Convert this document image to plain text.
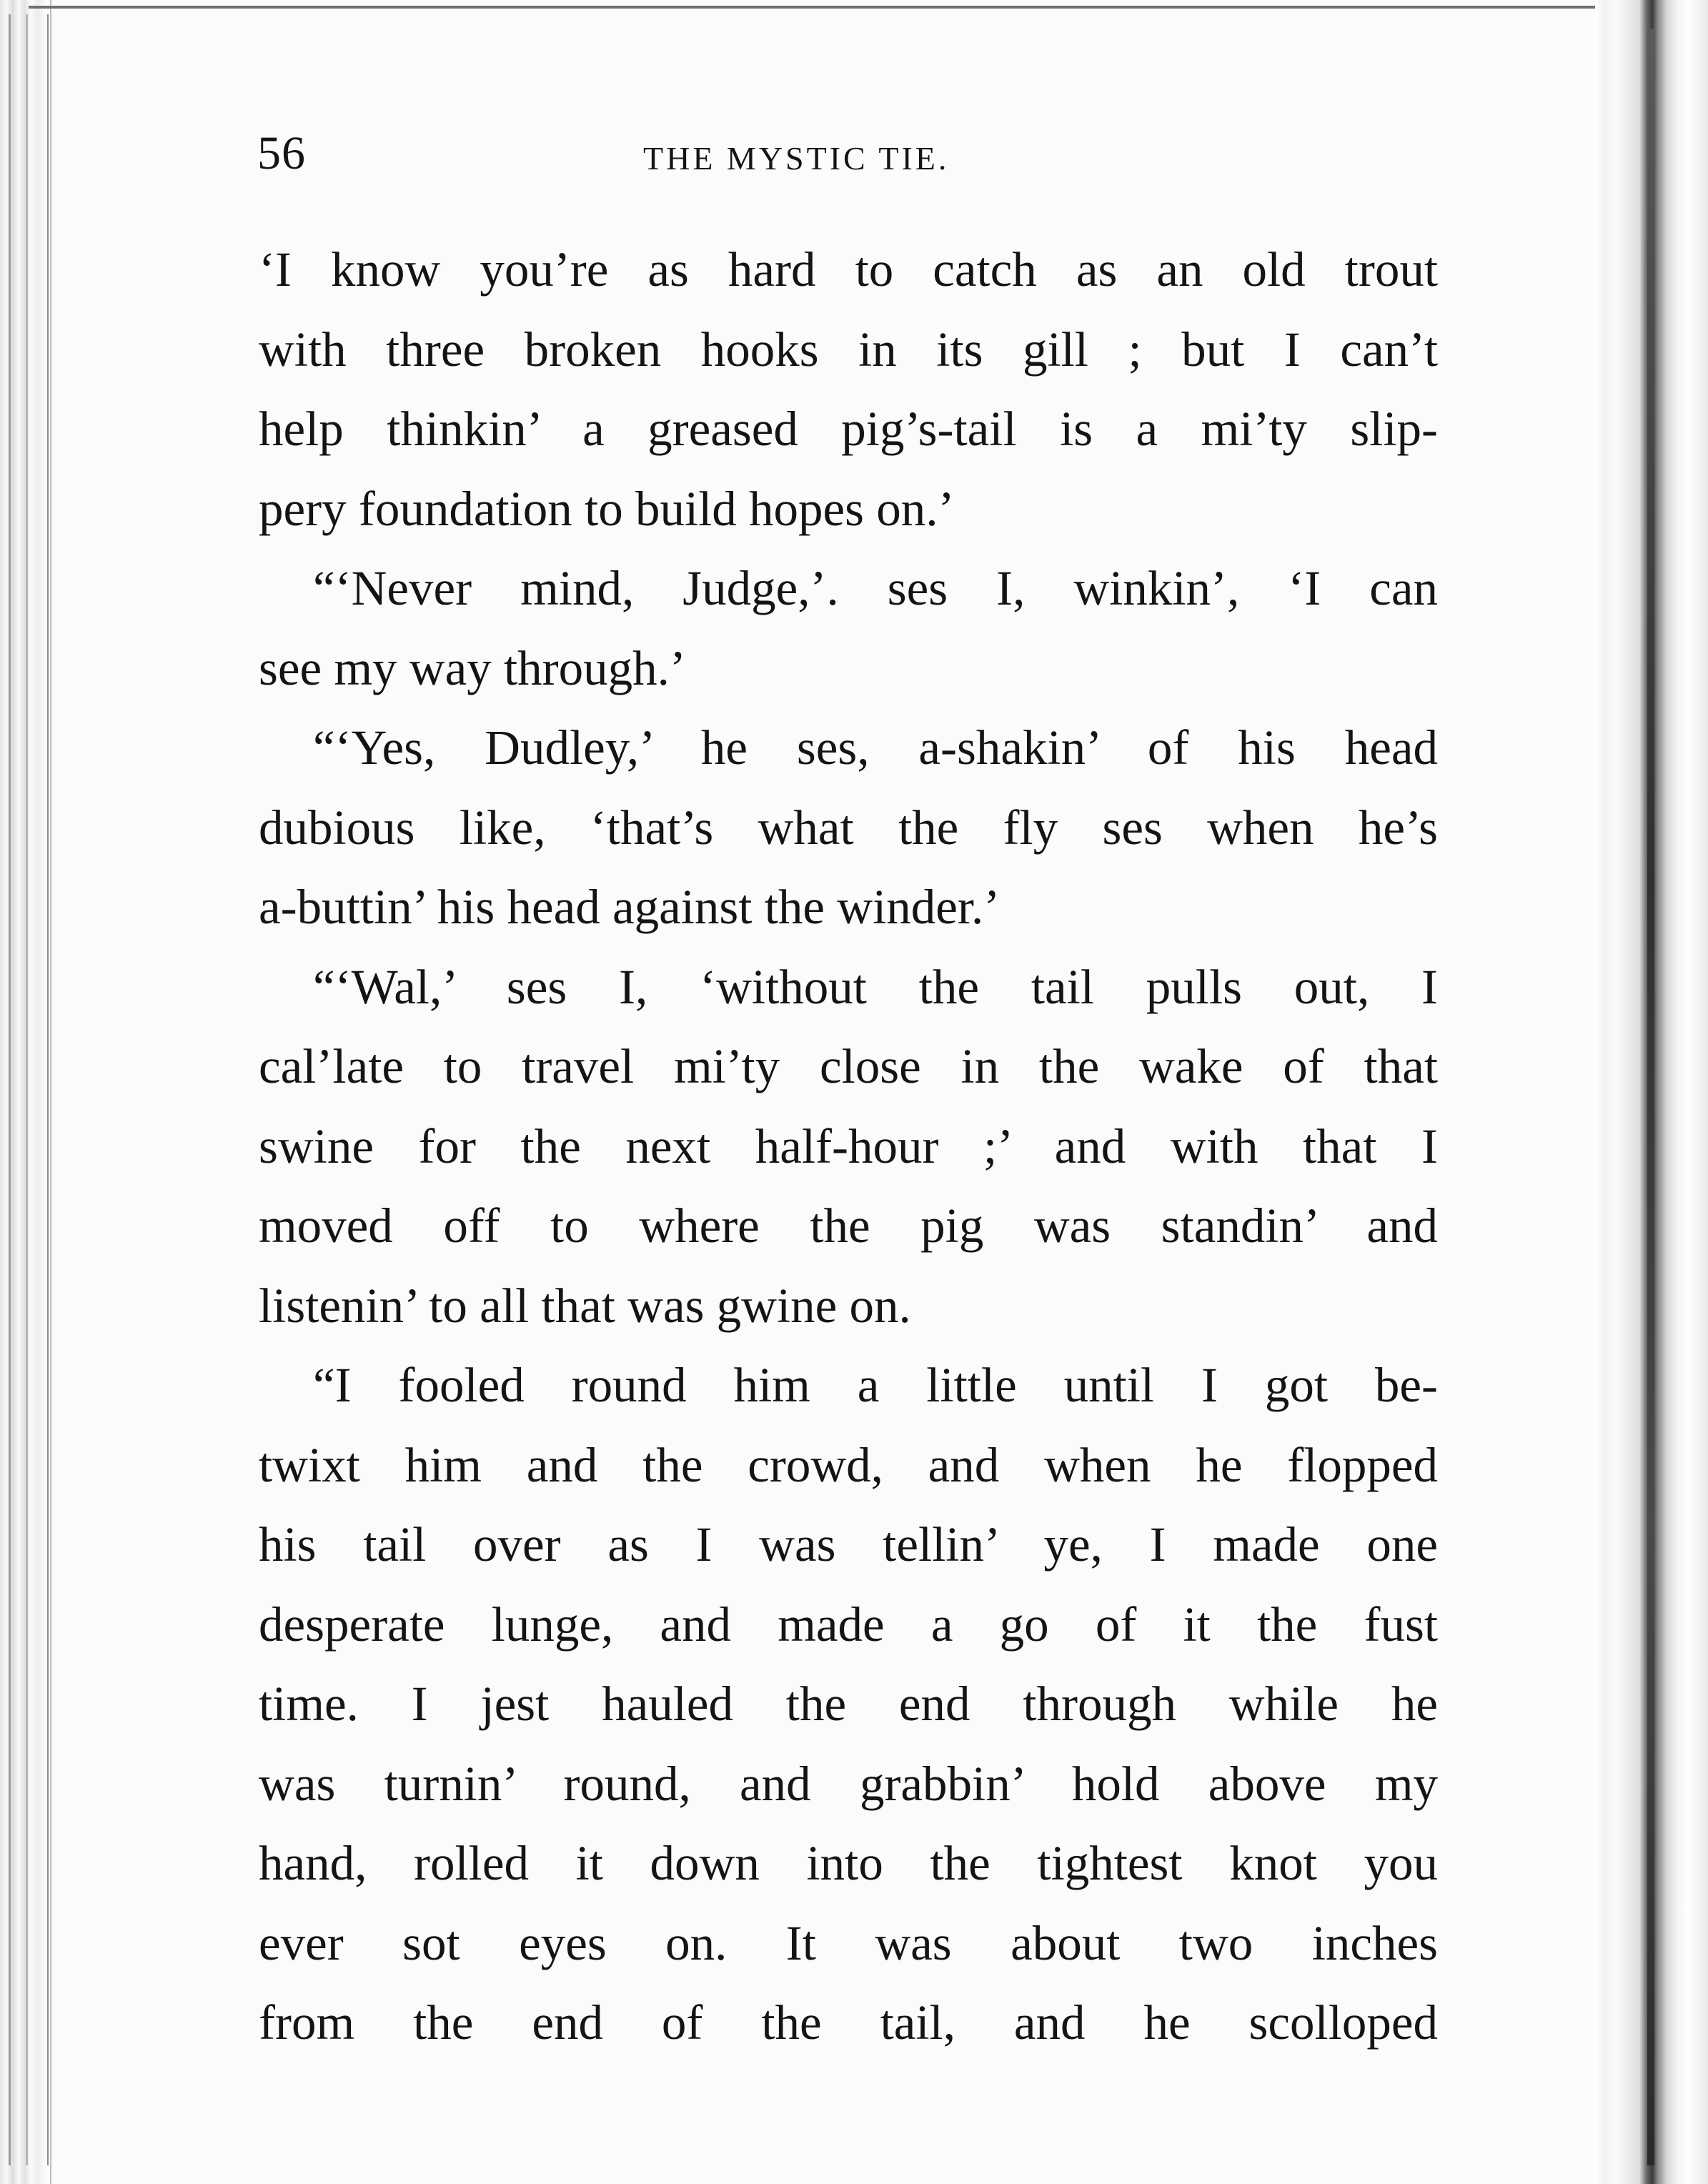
56	THE MYSTIC TIE.
‘I know you’re as hard to catch as an old trout
with three broken hooks in its gill ; but I can’t
help thinkin’ a greased pig’s-tail is a mi’ty slip-
pery foundation to build hopes on.’
“‘Never mind, Judge,’. ses I, winkin’, ‘I can
see my way through.’
“‘Yes, Dudley,’ he ses, a-shakin’ of his head
dubious like, ‘that’s what the fly ses when he’s
a-buttin’ his head against the winder.’
“‘Wal,’ ses I, ‘without the tail pulls out, I
cal’late to travel mi’ty close in the wake of that
swine for the next half-hour ;’ and with that I
moved off to where the pig was standin’ and
listenin’ to all that was gwine on.
“I fooled round him a little until I got be-
twixt him and the crowd, and when he flopped
his tail over as I was tellin’ ye, I made one
desperate lunge, and made a go of it the fust
time. I jest hauled the end through while he
was turnin’ round, and grabbin’ hold above my
hand, rolled it down into the tightest knot you
ever sot eyes on. It was about two inches
from the end of the tail, and he scolloped
